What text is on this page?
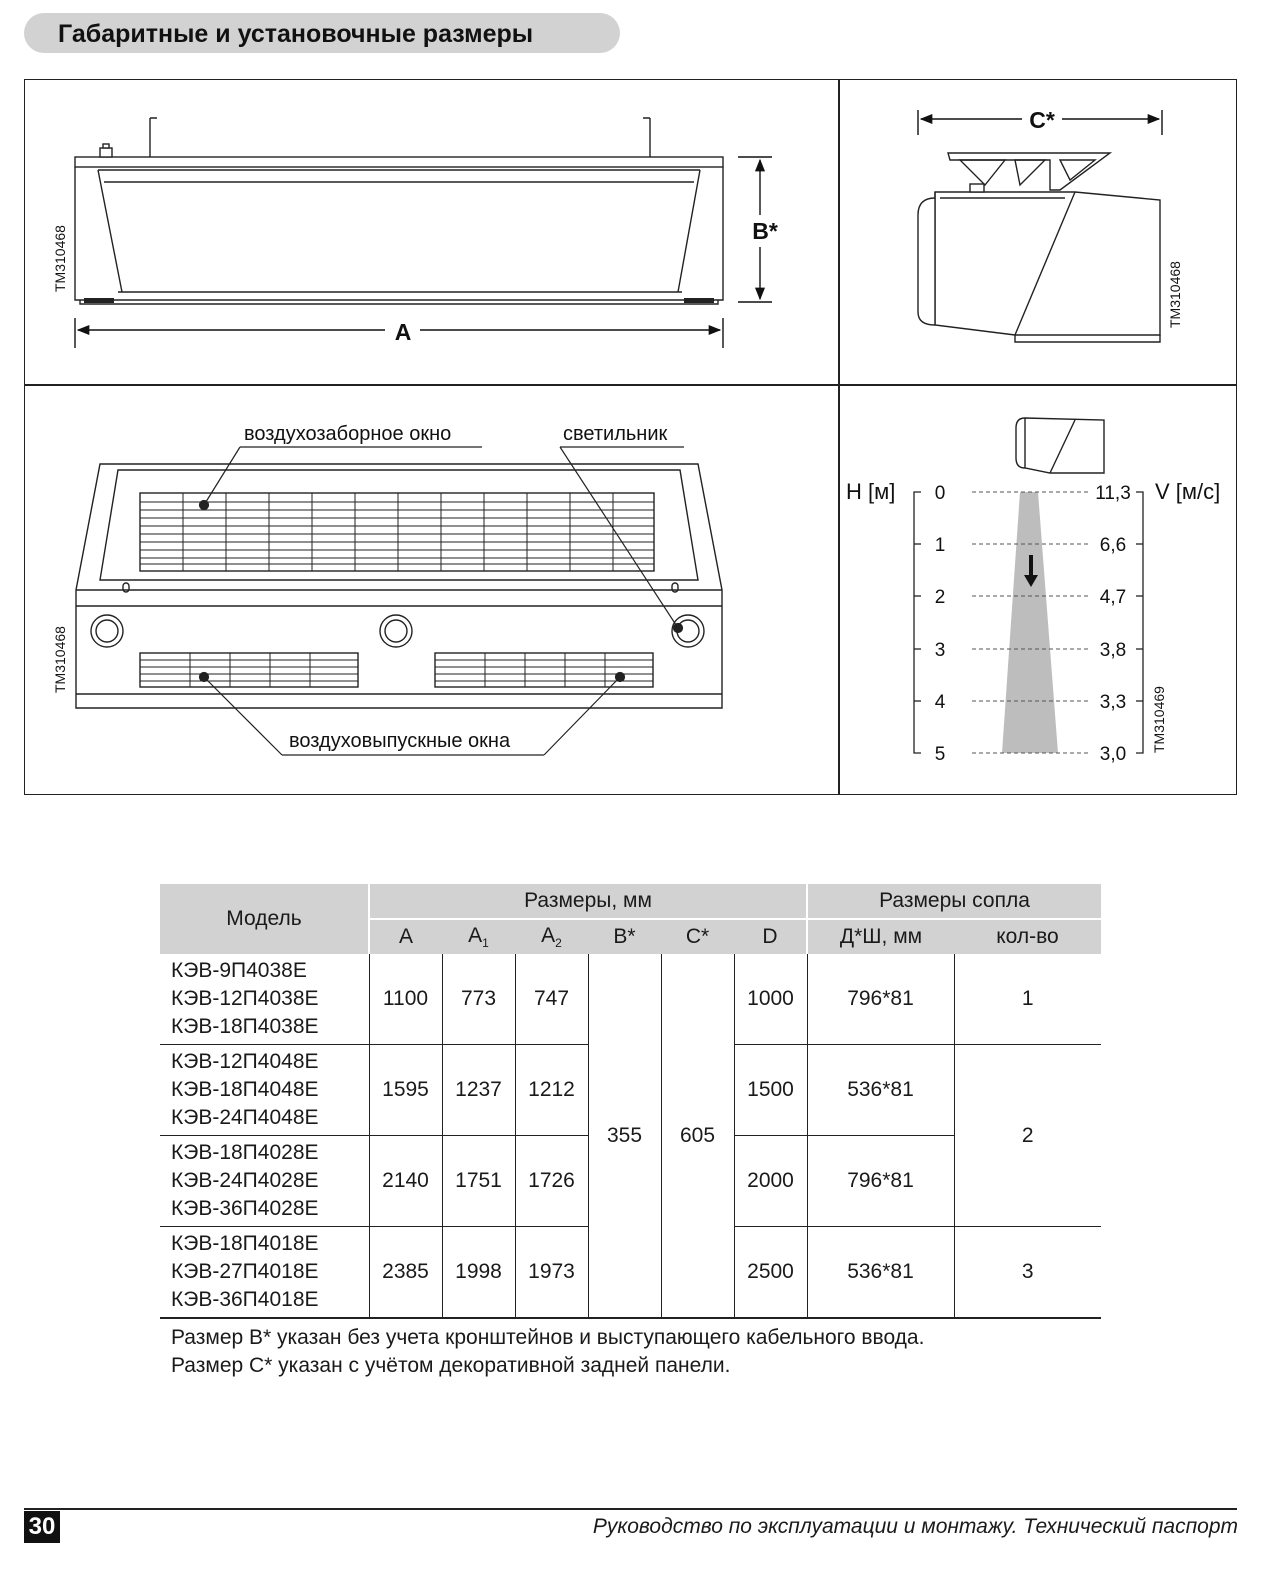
Габаритные и установочные размеры
A
B*
TM310468
C*
TM310468
воздухозаборное окно	светильник
воздуховыпускные окна
TM310468
H [м]	V [м/с]
0
1
2
3
4
5
11,3
6,6
4,7
3,8
3,3
3,0
TM310469
Модель	Размеры, мм						Размеры сопла	
	A	$A_1$	$A_2$	B*	C*	D	Д*Ш, мм	кол-во

КЭВ-9П4038Е
КЭВ-12П4038Е
КЭВ-18П4038Е	1100	773	747	355	605	1000	796*81	1

КЭВ-12П4048Е
КЭВ-18П4048Е
КЭВ-24П4048Е	1595	1237	1212			1500	536*81	2

КЭВ-18П4028Е
КЭВ-24П4028Е
КЭВ-36П4028Е	2140	1751	1726			2000	796*81	

КЭВ-18П4018Е
КЭВ-27П4018Е
КЭВ-36П4018Е	2385	1998	1973			2500	536*81	3
Размер В* указан без учета кронштейнов и выступающего кабельного ввода.
Размер С* указан с учётом декоративной задней панели.
30	Руководство по эксплуатации и монтажу. Технический паспорт
